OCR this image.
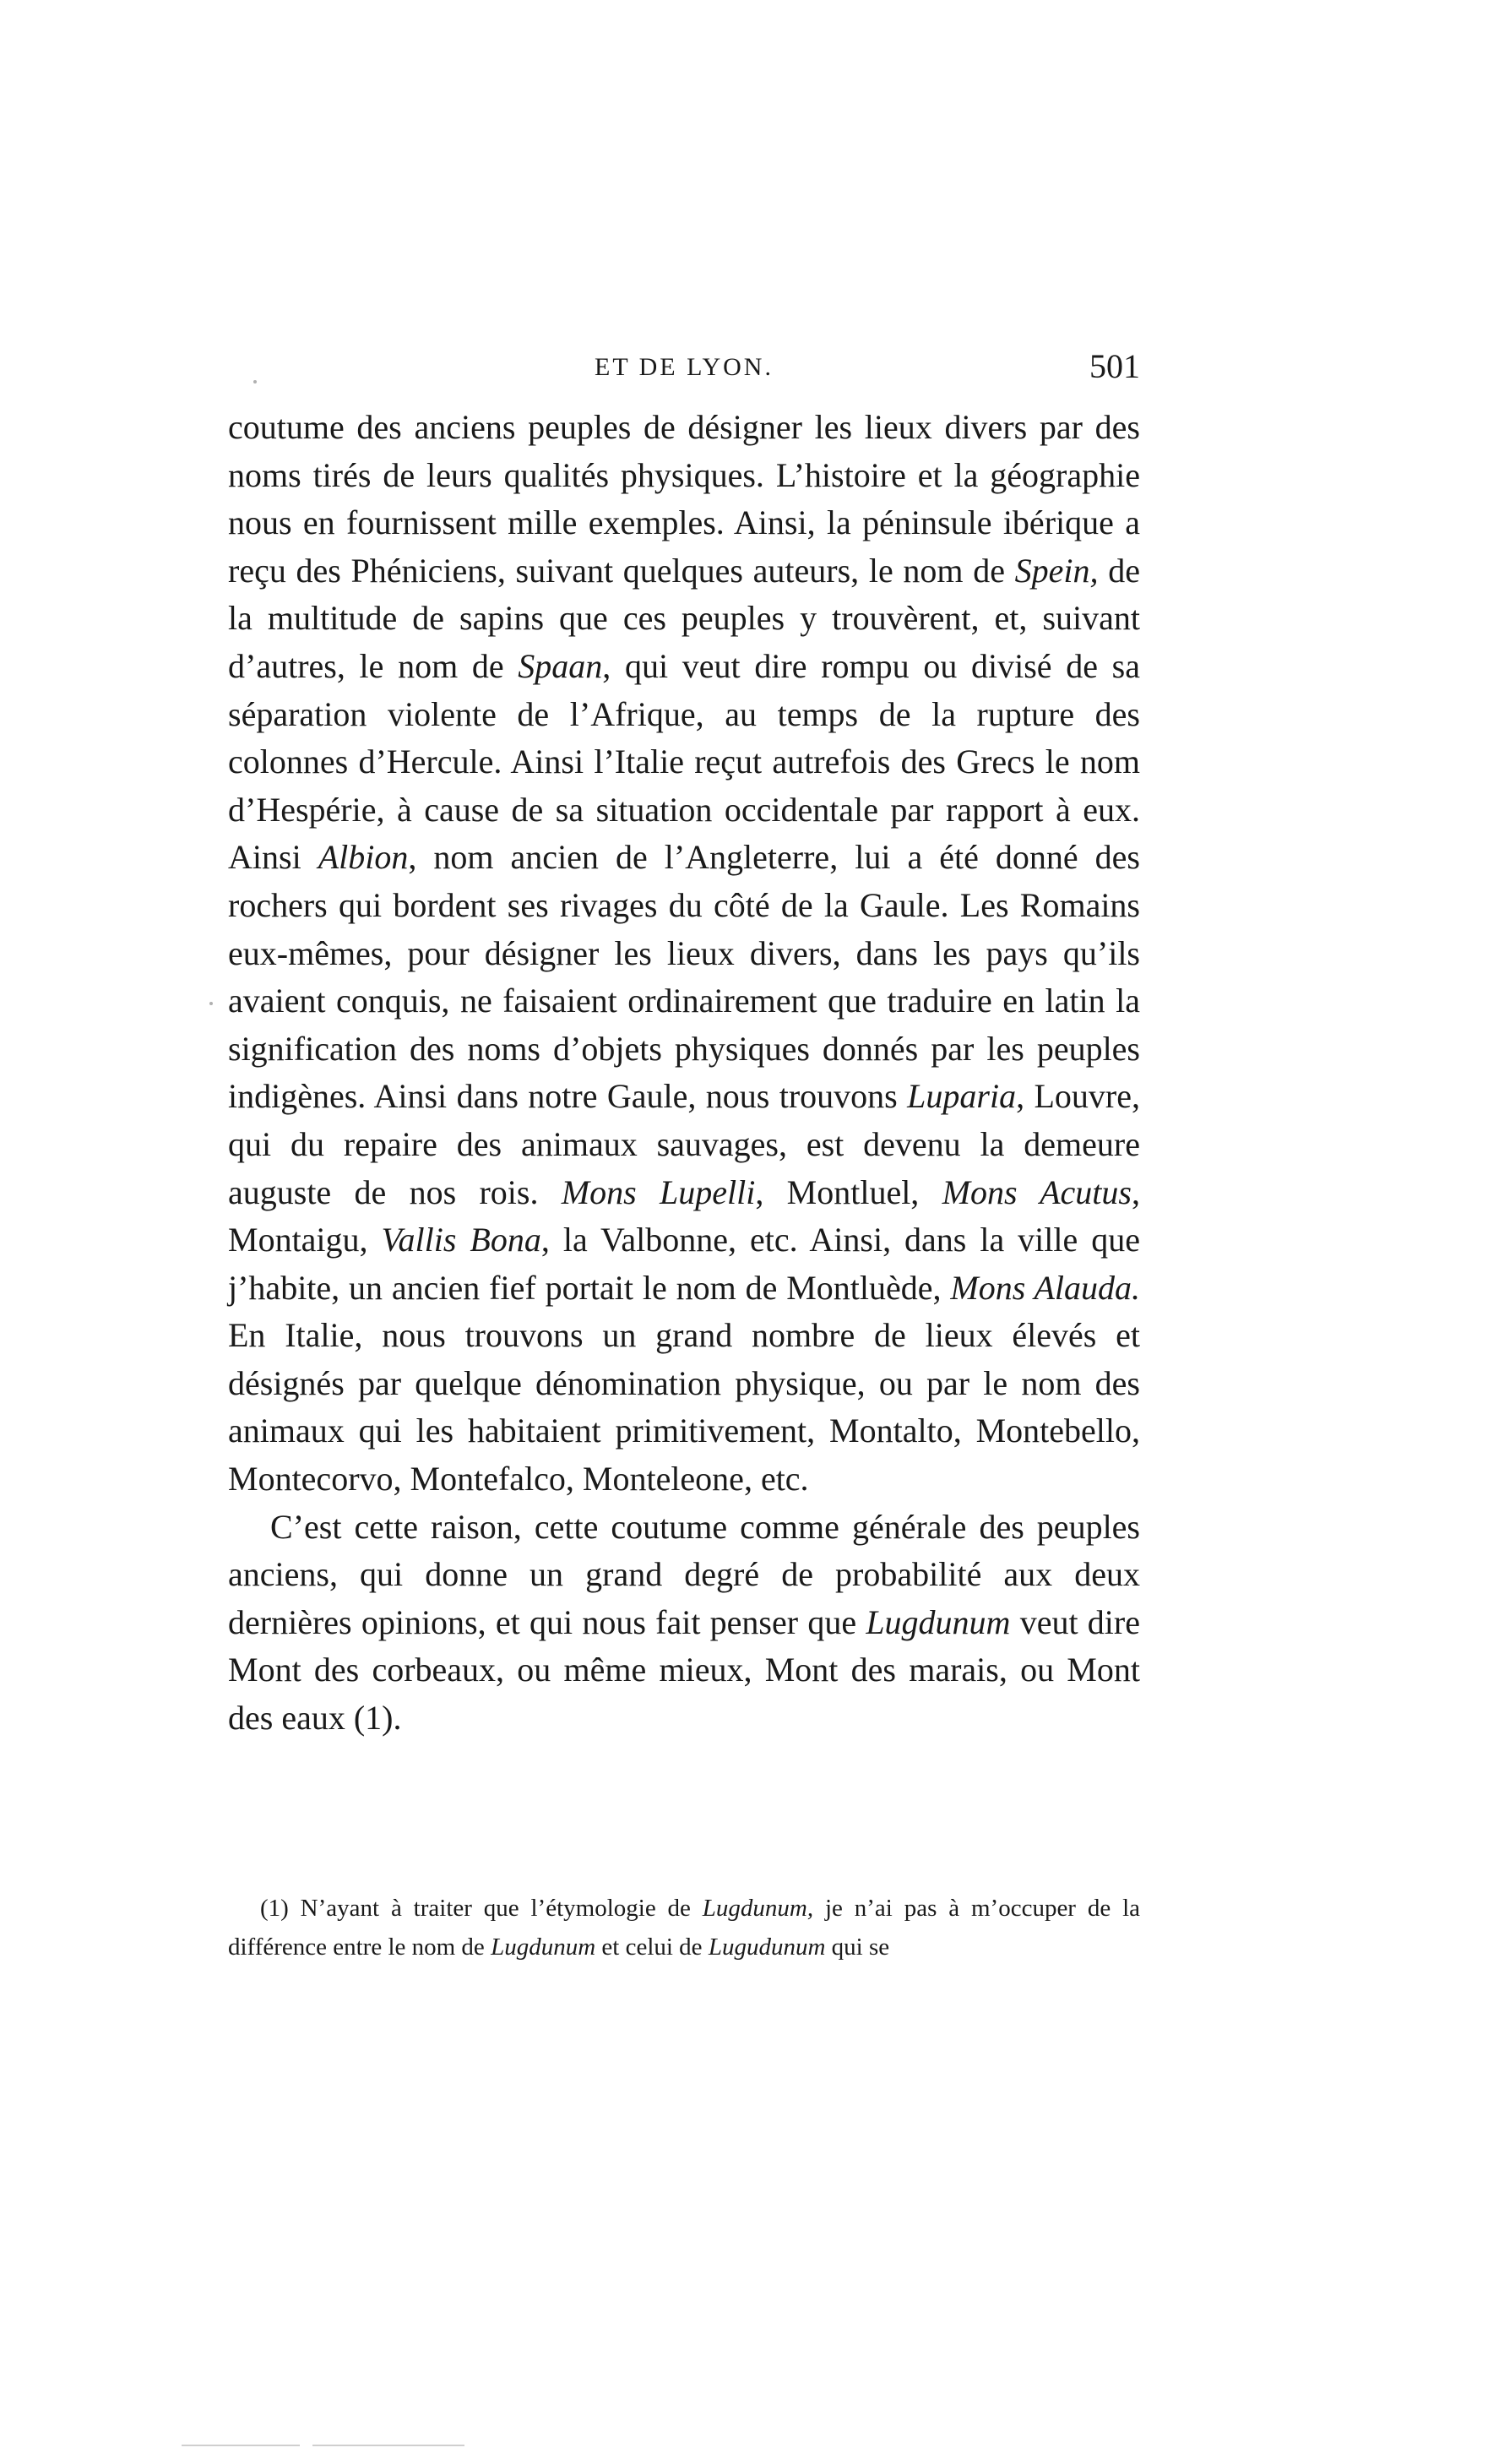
ET DE LYON.	501

coutume des anciens peuples de désigner les lieux divers par des noms tirés de leurs qualités physiques. L’histoire et la géographie nous en fournissent mille exemples. Ainsi, la péninsule ibérique a reçu des Phéniciens, suivant quelques auteurs, le nom de Spein, de la multitude de sapins que ces peuples y trouvèrent, et, suivant d’autres, le nom de Spaan, qui veut dire rompu ou divisé de sa séparation violente de l’Afrique, au temps de la rupture des colonnes d’Hercule. Ainsi l’Italie reçut autrefois des Grecs le nom d’Hespérie, à cause de sa situation occidentale par rapport à eux. Ainsi Albion, nom ancien de l’Angleterre, lui a été donné des rochers qui bordent ses rivages du côté de la Gaule. Les Romains eux-mêmes, pour désigner les lieux divers, dans les pays qu’ils avaient conquis, ne faisaient ordinairement que traduire en latin la signification des noms d’objets physiques donnés par les peuples indigènes. Ainsi dans notre Gaule, nous trouvons Luparia, Louvre, qui du repaire des animaux sauvages, est devenu la demeure auguste de nos rois. Mons Lupelli, Montluel, Mons Acutus, Montaigu, Vallis Bona, la Valbonne, etc. Ainsi, dans la ville que j’habite, un ancien fief portait le nom de Montluède, Mons Alauda. En Italie, nous trouvons un grand nombre de lieux élevés et désignés par quelque dénomination physique, ou par le nom des animaux qui les habitaient primitivement, Montalto, Montebello, Montecorvo, Montefalco, Monteleone, etc.

C’est cette raison, cette coutume comme générale des peuples anciens, qui donne un grand degré de probabilité aux deux dernières opinions, et qui nous fait penser que Lugdunum veut dire Mont des corbeaux, ou même mieux, Mont des marais, ou Mont des eaux (1).

(1) N’ayant à traiter que l’étymologie de Lugdunum, je n’ai pas à m’occuper de la différence entre le nom de Lugdunum et celui de Lugudunum qui se
